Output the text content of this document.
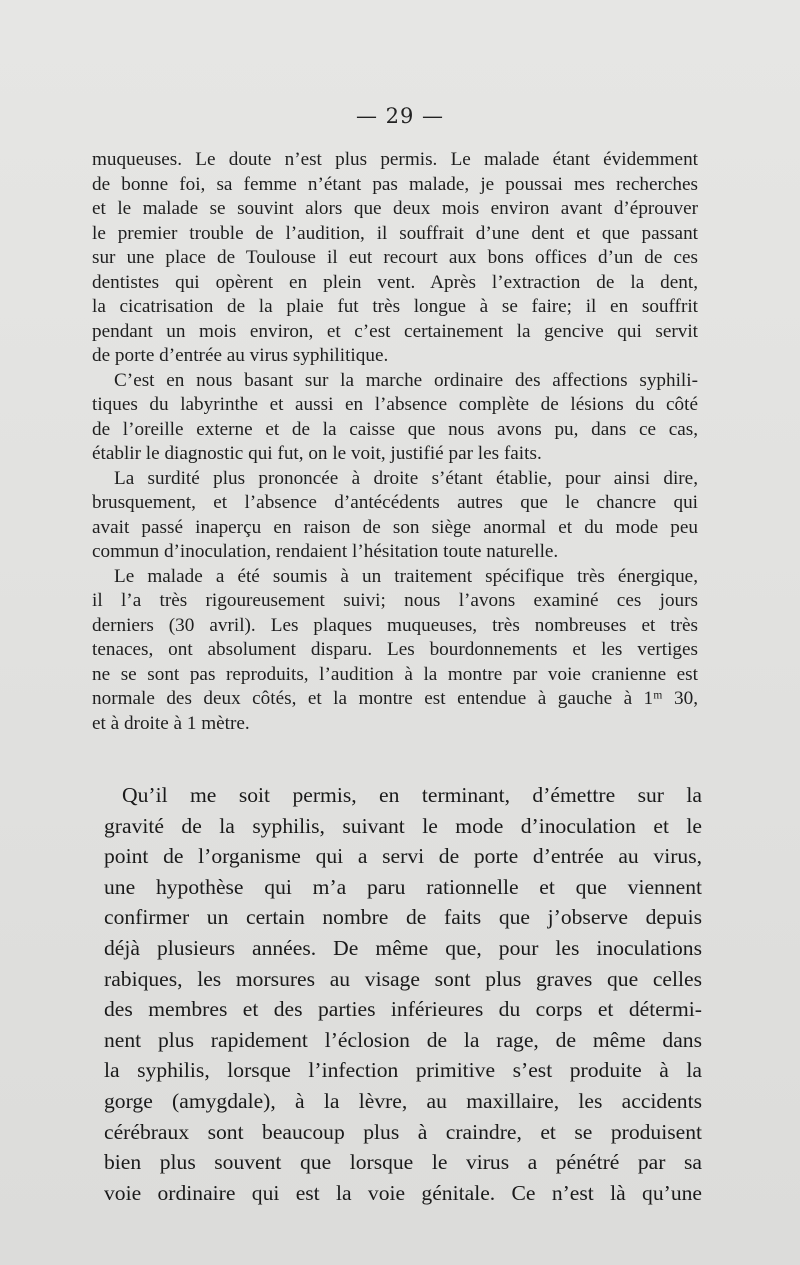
— 29 —

muqueuses. Le doute n’est plus permis. Le malade étant évidemment
de bonne foi, sa femme n’étant pas malade, je poussai mes recherches
et le malade se souvint alors que deux mois environ avant d’éprouver
le premier trouble de l’audition, il souffrait d’une dent et que passant
sur une place de Toulouse il eut recourt aux bons offices d’un de ces
dentistes qui opèrent en plein vent. Après l’extraction de la dent,
la cicatrisation de la plaie fut très longue à se faire; il en souffrit
pendant un mois environ, et c’est certainement la gencive qui servit
de porte d’entrée au virus syphilitique.

C’est en nous basant sur la marche ordinaire des affections syphili-
tiques du labyrinthe et aussi en l’absence complète de lésions du côté
de l’oreille externe et de la caisse que nous avons pu, dans ce cas,
établir le diagnostic qui fut, on le voit, justifié par les faits.

La surdité plus prononcée à droite s’étant établie, pour ainsi dire,
brusquement, et l’absence d’antécédents autres que le chancre qui
avait passé inaperçu en raison de son siège anormal et du mode peu
commun d’inoculation, rendaient l’hésitation toute naturelle.

Le malade a été soumis à un traitement spécifique très énergique,
il l’a très rigoureusement suivi; nous l’avons examiné ces jours
derniers (30 avril). Les plaques muqueuses, très nombreuses et très
tenaces, ont absolument disparu. Les bourdonnements et les vertiges
ne se sont pas reproduits, l’audition à la montre par voie cranienne est
normale des deux côtés, et la montre est entendue à gauche à 1ᵐ 30,
et à droite à 1 mètre.

Qu’il me soit permis, en terminant, d’émettre sur la
gravité de la syphilis, suivant le mode d’inoculation et le
point de l’organisme qui a servi de porte d’entrée au virus,
une hypothèse qui m’a paru rationnelle et que viennent
confirmer un certain nombre de faits que j’observe depuis
déjà plusieurs années. De même que, pour les inoculations
rabiques, les morsures au visage sont plus graves que celles
des membres et des parties inférieures du corps et détermi-
nent plus rapidement l’éclosion de la rage, de même dans
la syphilis, lorsque l’infection primitive s’est produite à la
gorge (amygdale), à la lèvre, au maxillaire, les accidents
cérébraux sont beaucoup plus à craindre, et se produisent
bien plus souvent que lorsque le virus a pénétré par sa
voie ordinaire qui est la voie génitale. Ce n’est là qu’une
